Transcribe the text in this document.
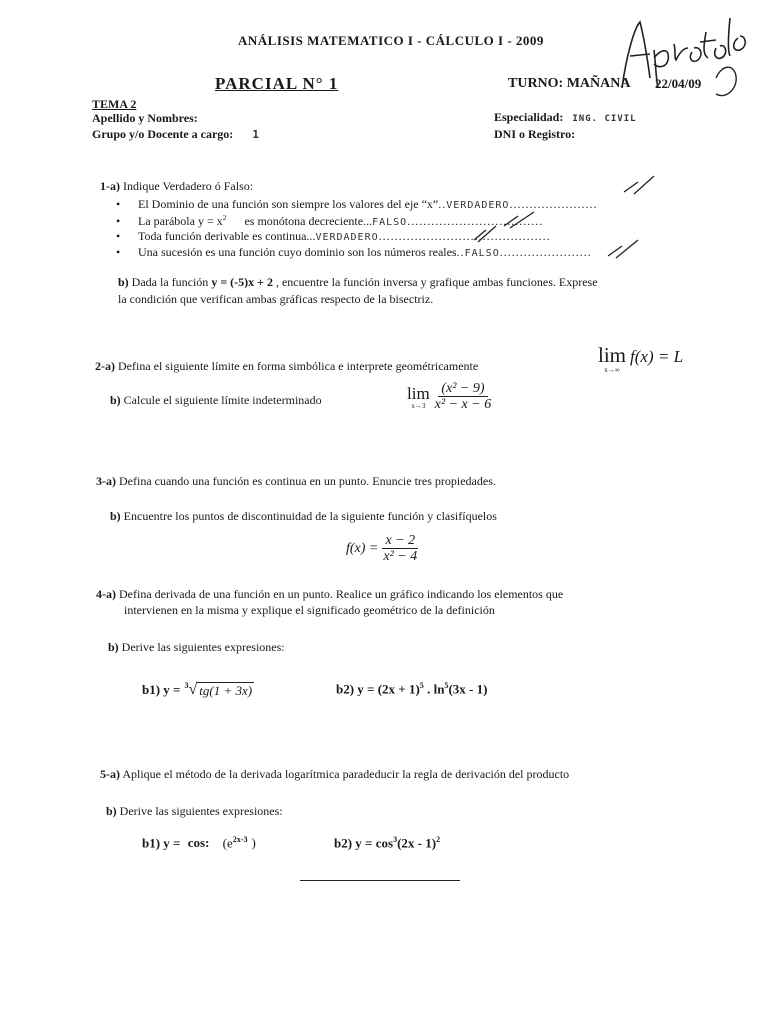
ANÁLISIS MATEMATICO I - CÁLCULO I - 2009
PARCIAL N° 1	TURNO: MAÑANA 22/04/09
TEMA 2
Apellido y Nombres:
Grupo y/o Docente a cargo: 1
Especialidad: ING. CIVIL
DNI o Registro:
1-a) Indique Verdadero ó Falso:
• El Dominio de una función son siempre los valores del eje “x”..VERDADERO......................
• La parábola $y = x^2$      es monótona decreciente...FALSO..................................
• Toda función derivable es continua...VERDADERO...........................................
• Una sucesión es una función cuyo dominio son los números reales..FALSO.......................
b) Dada la función y = (-5)x + 2 , encuentre la función inversa y grafique ambas funciones. Exprese
la condición que verifican ambas gráficas respecto de la bisectriz.
2-a) Defina el siguiente límite en forma simbólica e interprete geométricamente	lim
x→∞
f(x) = L
b) Calcule el siguiente límite indeterminado	lim
$x\to 3 \frac{\text{(x² − 9)}}{\text{x² − x − 6}}$
3-a) Defina cuando una función es continua en un punto. Enuncie tres propiedades.
b) Encuentre los puntos de discontinuidad de la siguiente función y clasifíquelos
$f(x) = \frac{x - 2}{\text{x² − 4}}$
4-a) Defina derivada de una función en un punto. Realice un gráfico indicando los elementos que
intervienen en la misma y explique el significado geométrico de la definición
b) Derive las siguientes expresiones:
b1) y = $^3$ √ tg(1 + 3x)	b2) $y = (2x + 1)^5$ . $\ln^5(3x - 1)$
5-a) Aplique el método de la derivada logarítmica paradeducir la regla de derivación del producto
b) Derive las siguientes expresiones:
b1) y = cos: ($e^{2x-3}$ )	b2) $y = \cos^3(2x - 1)^2$
